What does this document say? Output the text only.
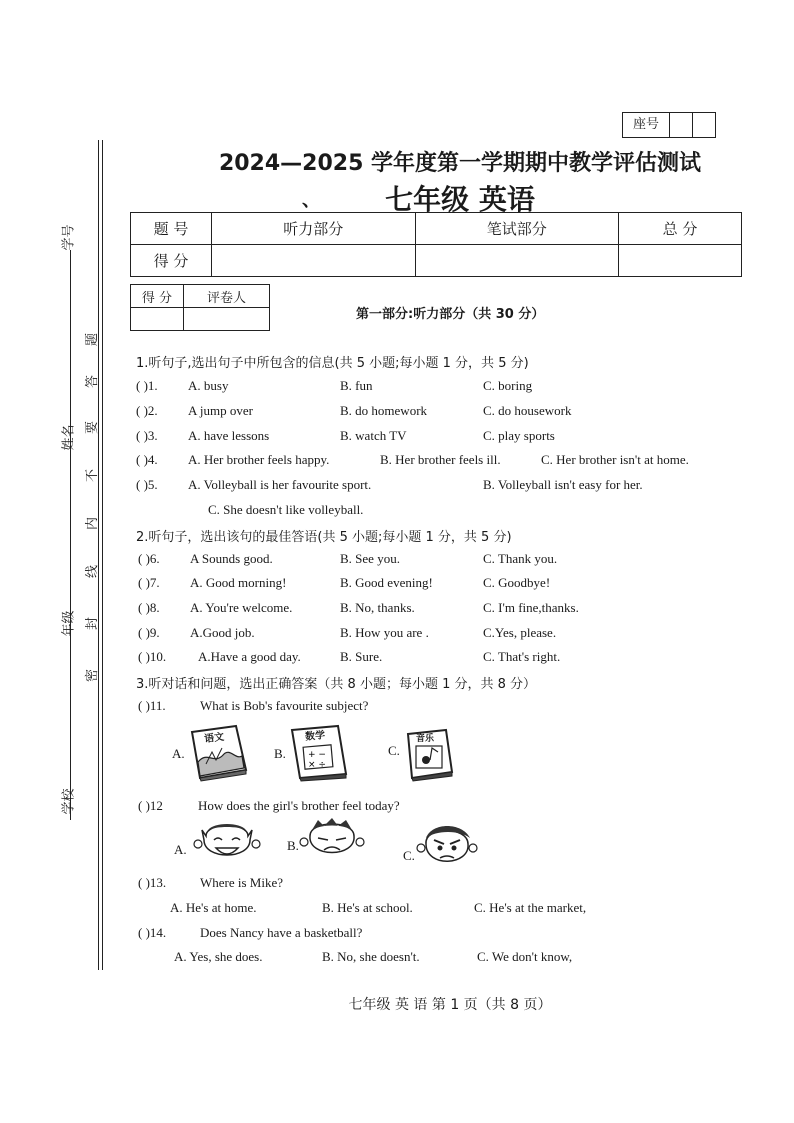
座号
学号
姓名
年级
学校
密
封
线
内
不
要
答
题
2024—2025 学年度第一学期期中教学评估测试
、	七年级 英语
题 号	听力部分	笔试部分	总 分
得 分			
得 分	评卷人

第一部分:听力部分（共 30 分）
1.听句子,选出句子中所包含的信息(共 5 小题;每小题 1 分，共 5 分)
( )1. A. busy	B. fun	C. boring
( )2. A jump over	B. do homework	C. do housework
( )3. A. have lessons	B. watch TV	C. play sports
( )4. A. Her brother feels happy.	B. Her brother feels ill.	C. Her brother isn't at home.
( )5. A. Volleyball is her favourite sport.	B. Volleyball isn't easy for her.
C. She doesn't like volleyball.
2.听句子，选出该句的最佳答语(共 5 小题;每小题 1 分，共 5 分)
( )6. A Sounds good.	B. See you.	C. Thank you.
( )7. A. Good morning!	B. Good evening!	C. Goodbye!
( )8. A. You're welcome.	B. No, thanks.	C. I'm fine,thanks.
( )9. A.Good job.	B. How you are .	C.Yes, please.
( )10. A.Have a good day.	B. Sure.	C. That's right.
3.听对话和问题，选出正确答案（共 8 小题；每小题 1 分，共 8 分）
( )11.	What is Bob's favourite subject?
A.
语文
B. + −
× ÷
数学
C.
音乐
( )12	How does the girl's brother feel today?
A.	B.
C.
( )13.	Where is Mike?
A. He's at home.	B. He's at school.	C. He's at the market,
( )14.	Does Nancy have a basketball?
A. Yes, she does.	B. No, she doesn't.	C. We don't know,
七年级 英 语 第 1 页（共 8 页）
